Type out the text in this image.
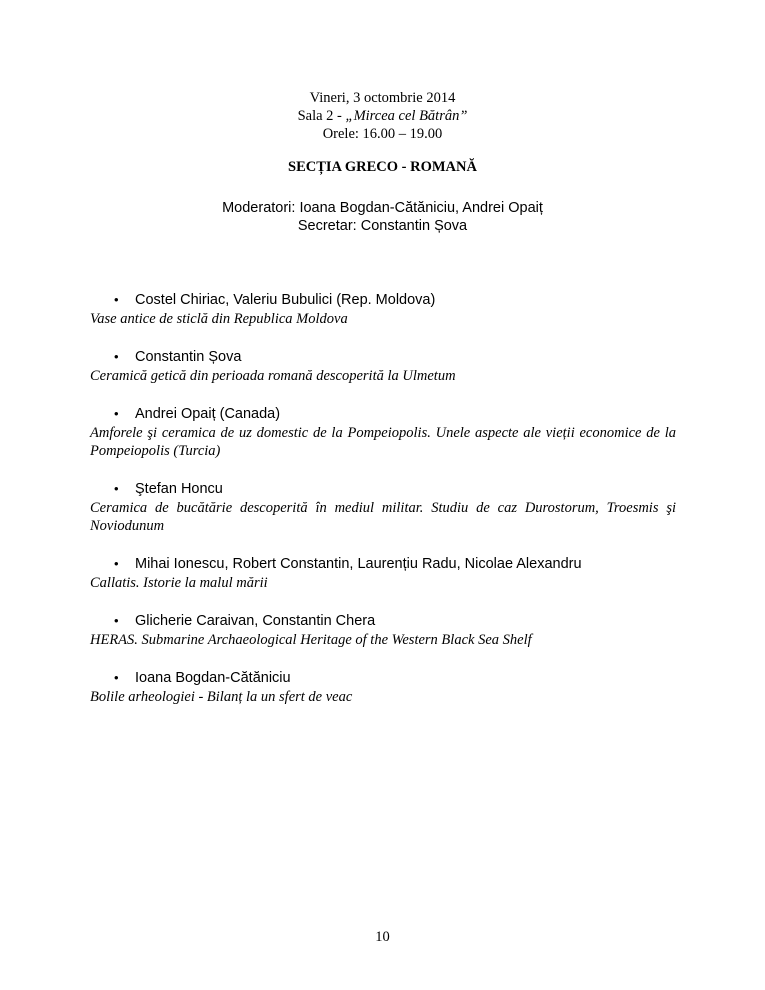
Vineri, 3 octombrie 2014
Sala 2 - „Mircea cel Bătrân”
Orele: 16.00 – 19.00
SECȚIA GRECO - ROMANĂ
Moderatori: Ioana Bogdan-Cătăniciu, Andrei Opaiț
Secretar: Constantin Șova
• Costel Chiriac, Valeriu Bubulici (Rep. Moldova)
Vase antice de sticlă din Republica Moldova
• Constantin Șova
Ceramică getică din perioada romană descoperită la Ulmetum
• Andrei Opaiț (Canada)
Amforele şi ceramica de uz domestic de la Pompeiopolis. Unele aspecte ale vieții economice de la Pompeiopolis (Turcia)
• Ştefan Honcu
Ceramica de bucătărie descoperită în mediul militar. Studiu de caz Durostorum, Troesmis şi Noviodunum
• Mihai Ionescu, Robert Constantin, Laurențiu Radu, Nicolae Alexandru
Callatis. Istorie la malul mării
• Glicherie Caraivan, Constantin Chera
HERAS. Submarine Archaeological Heritage of the Western Black Sea Shelf
• Ioana Bogdan-Cătăniciu
Bolile arheologiei - Bilanț la un sfert de veac
10
